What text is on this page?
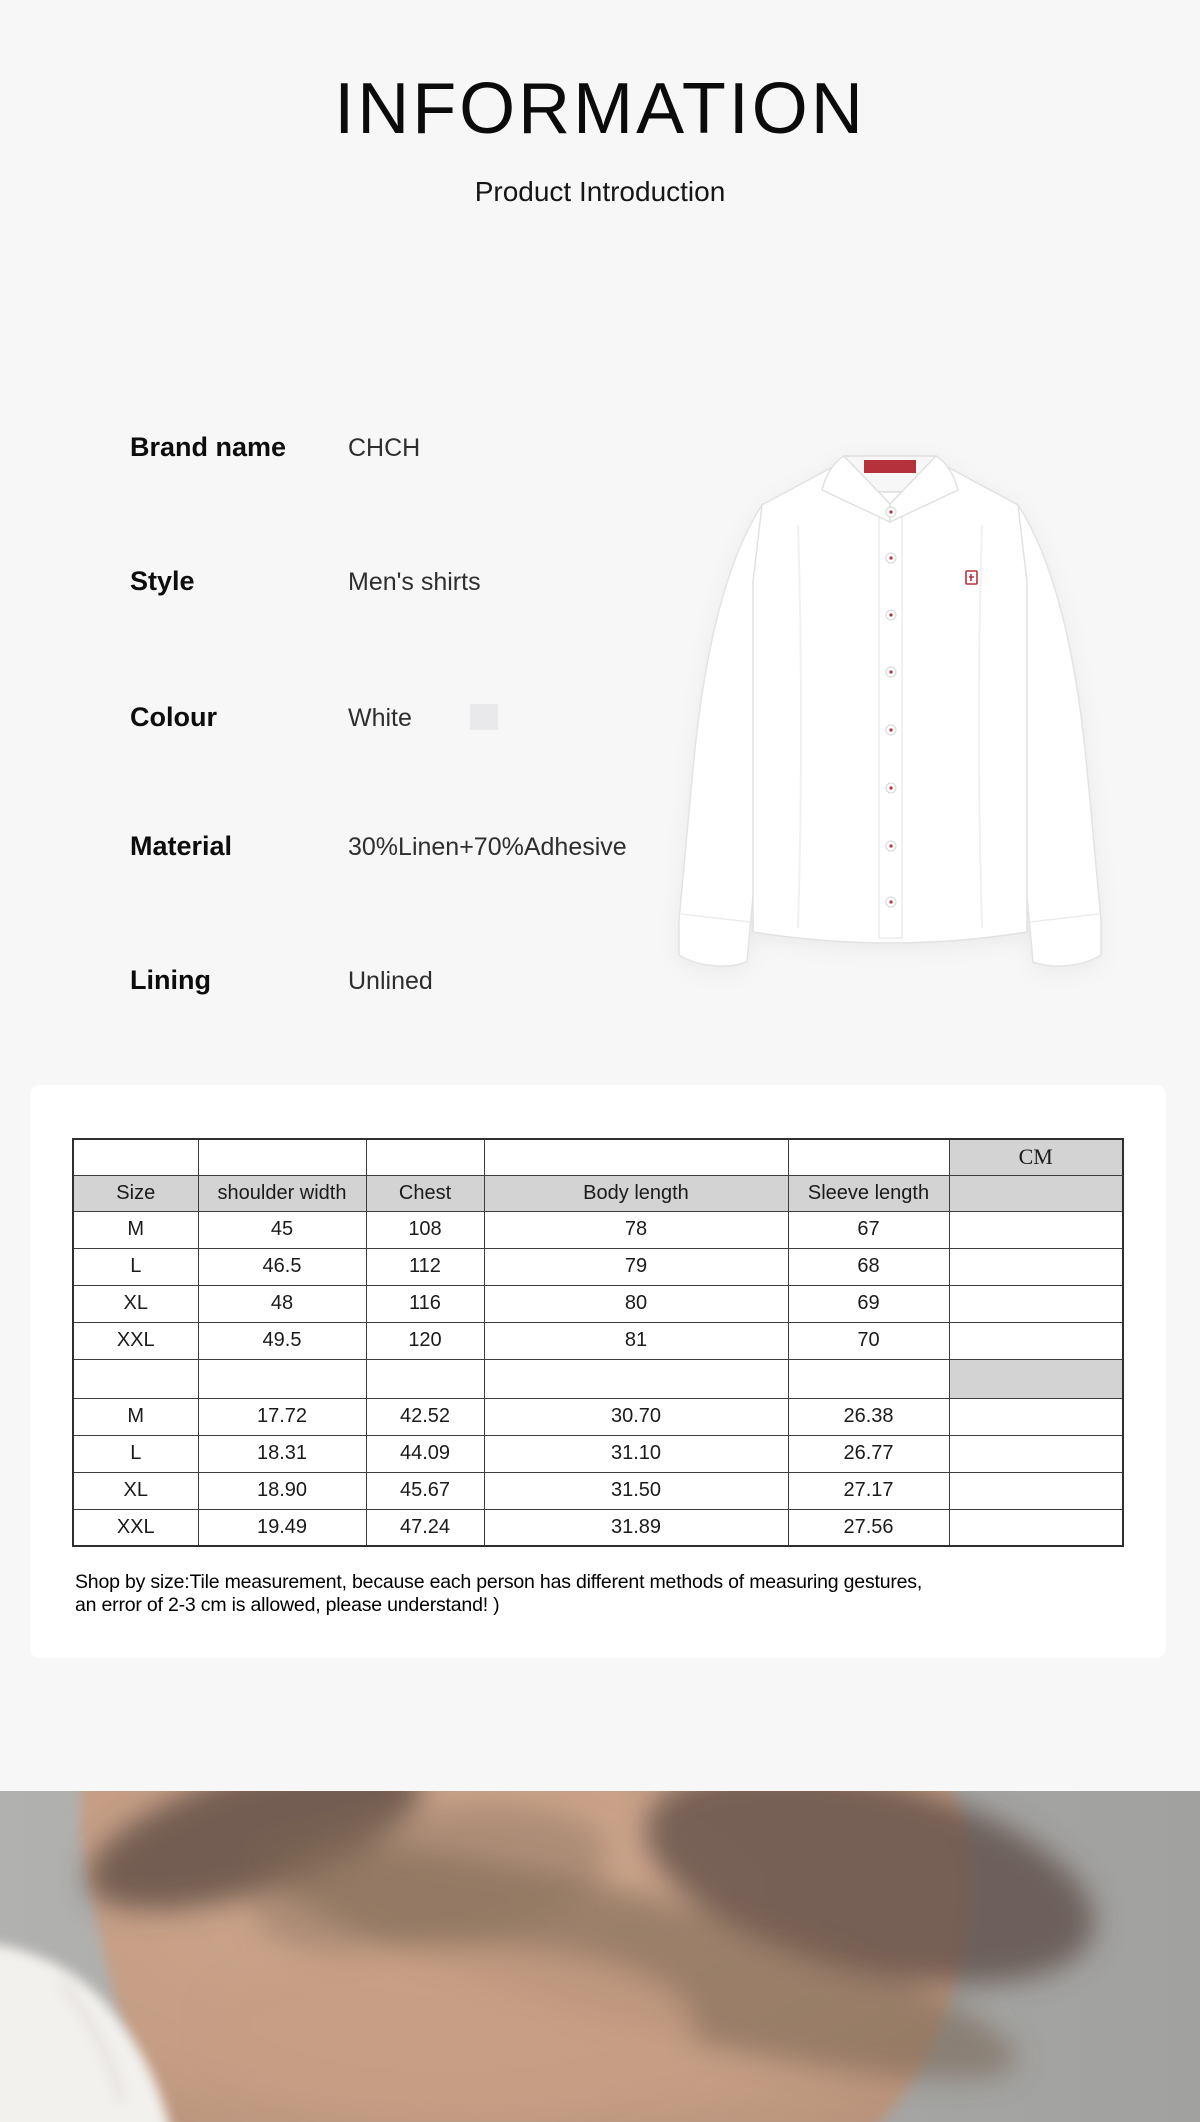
INFORMATION
Product Introduction
Brand name CHCH
Style	Men's shirts
Colour	White
Material	30%Linen+70%Adhesive
Lining	Unlined
					CM
Size	shoulder width	Chest	Body length	Sleeve length	
M	45	108	78	67	
L	46.5	112	79	68	
XL	48	116	80	69	
XXL	49.5	120	81	70	

M	17.72	42.52	30.70	26.38	
L	18.31	44.09	31.10	26.77	
XL	18.90	45.67	31.50	27.17	
XXL	19.49	47.24	31.89	27.56	
Shop by size:Tile measurement, because each person has different methods of measuring gestures,
an error of 2-3 cm is allowed, please understand! )
